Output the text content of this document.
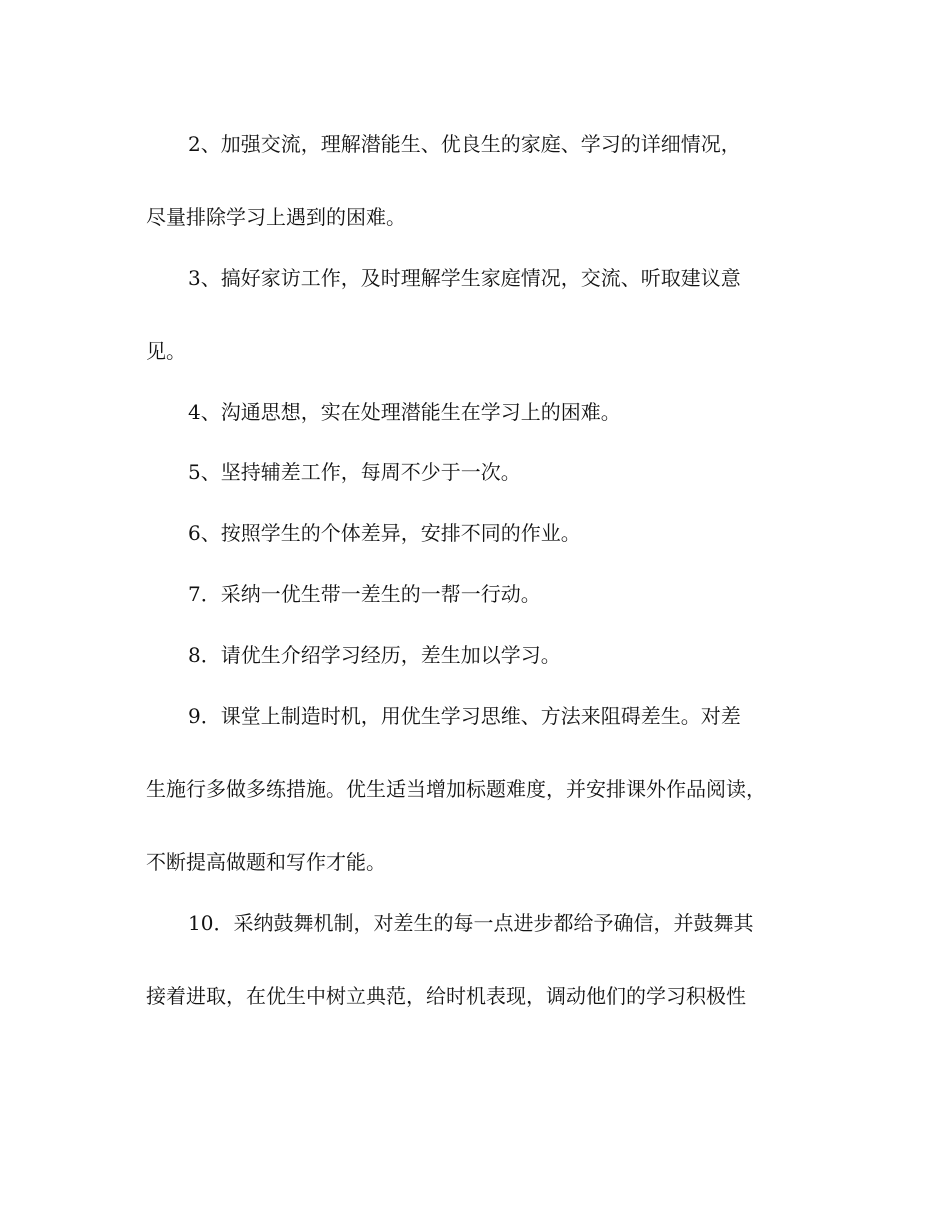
2、加强交流，理解潜能生、优良生的家庭、学习的详细情况，
尽量排除学习上遇到的困难。
3、搞好家访工作，及时理解学生家庭情况，交流、听取建议意
见。
4、沟通思想，实在处理潜能生在学习上的困难。
5、坚持辅差工作，每周不少于一次。
6、按照学生的个体差异，安排不同的作业。
7．采纳一优生带一差生的一帮一行动。
8．请优生介绍学习经历，差生加以学习。
9．课堂上制造时机，用优生学习思维、方法来阻碍差生。对差
生施行多做多练措施。优生适当增加标题难度，并安排课外作品阅读，
不断提高做题和写作才能。
10．采纳鼓舞机制，对差生的每一点进步都给予确信，并鼓舞其
接着进取，在优生中树立典范，给时机表现，调动他们的学习积极性
